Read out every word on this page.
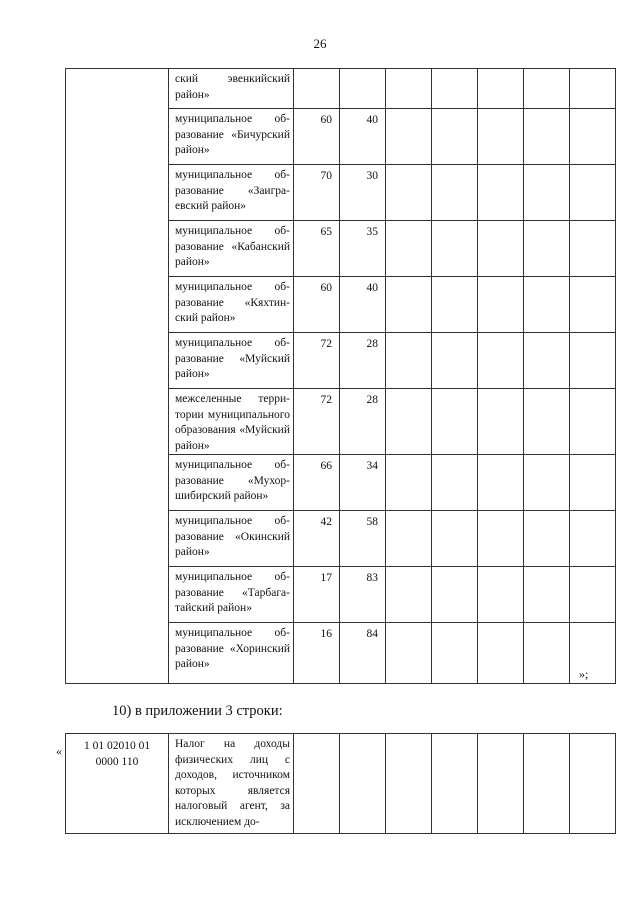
26
	ский эвенкийский район»							
	муниципальное образование «Бичурский район»	60	40					
	муниципальное образование «Заиграевский район»	70	30					
	муниципальное образование «Кабанский район»	65	35					
	муниципальное образование «Кяхтинский район»	60	40					
	муниципальное образование «Муйский район»	72	28					
	межселенные территории муниципального образования «Муйский район»	72	28					
	муниципальное образование «Мухоршибирский район»	66	34					
	муниципальное образование «Окинский район»	42	58					
	муниципальное образование «Тарбагатайский район»	17	83					
	муниципальное образование «Хоринский район»	16	84					
»;
10) в приложении 3 строки:
« 1 01 02010 01
0000 110	Налог на доходы физических лиц с доходов, источником которых является налоговый агент, за исключением до-							
